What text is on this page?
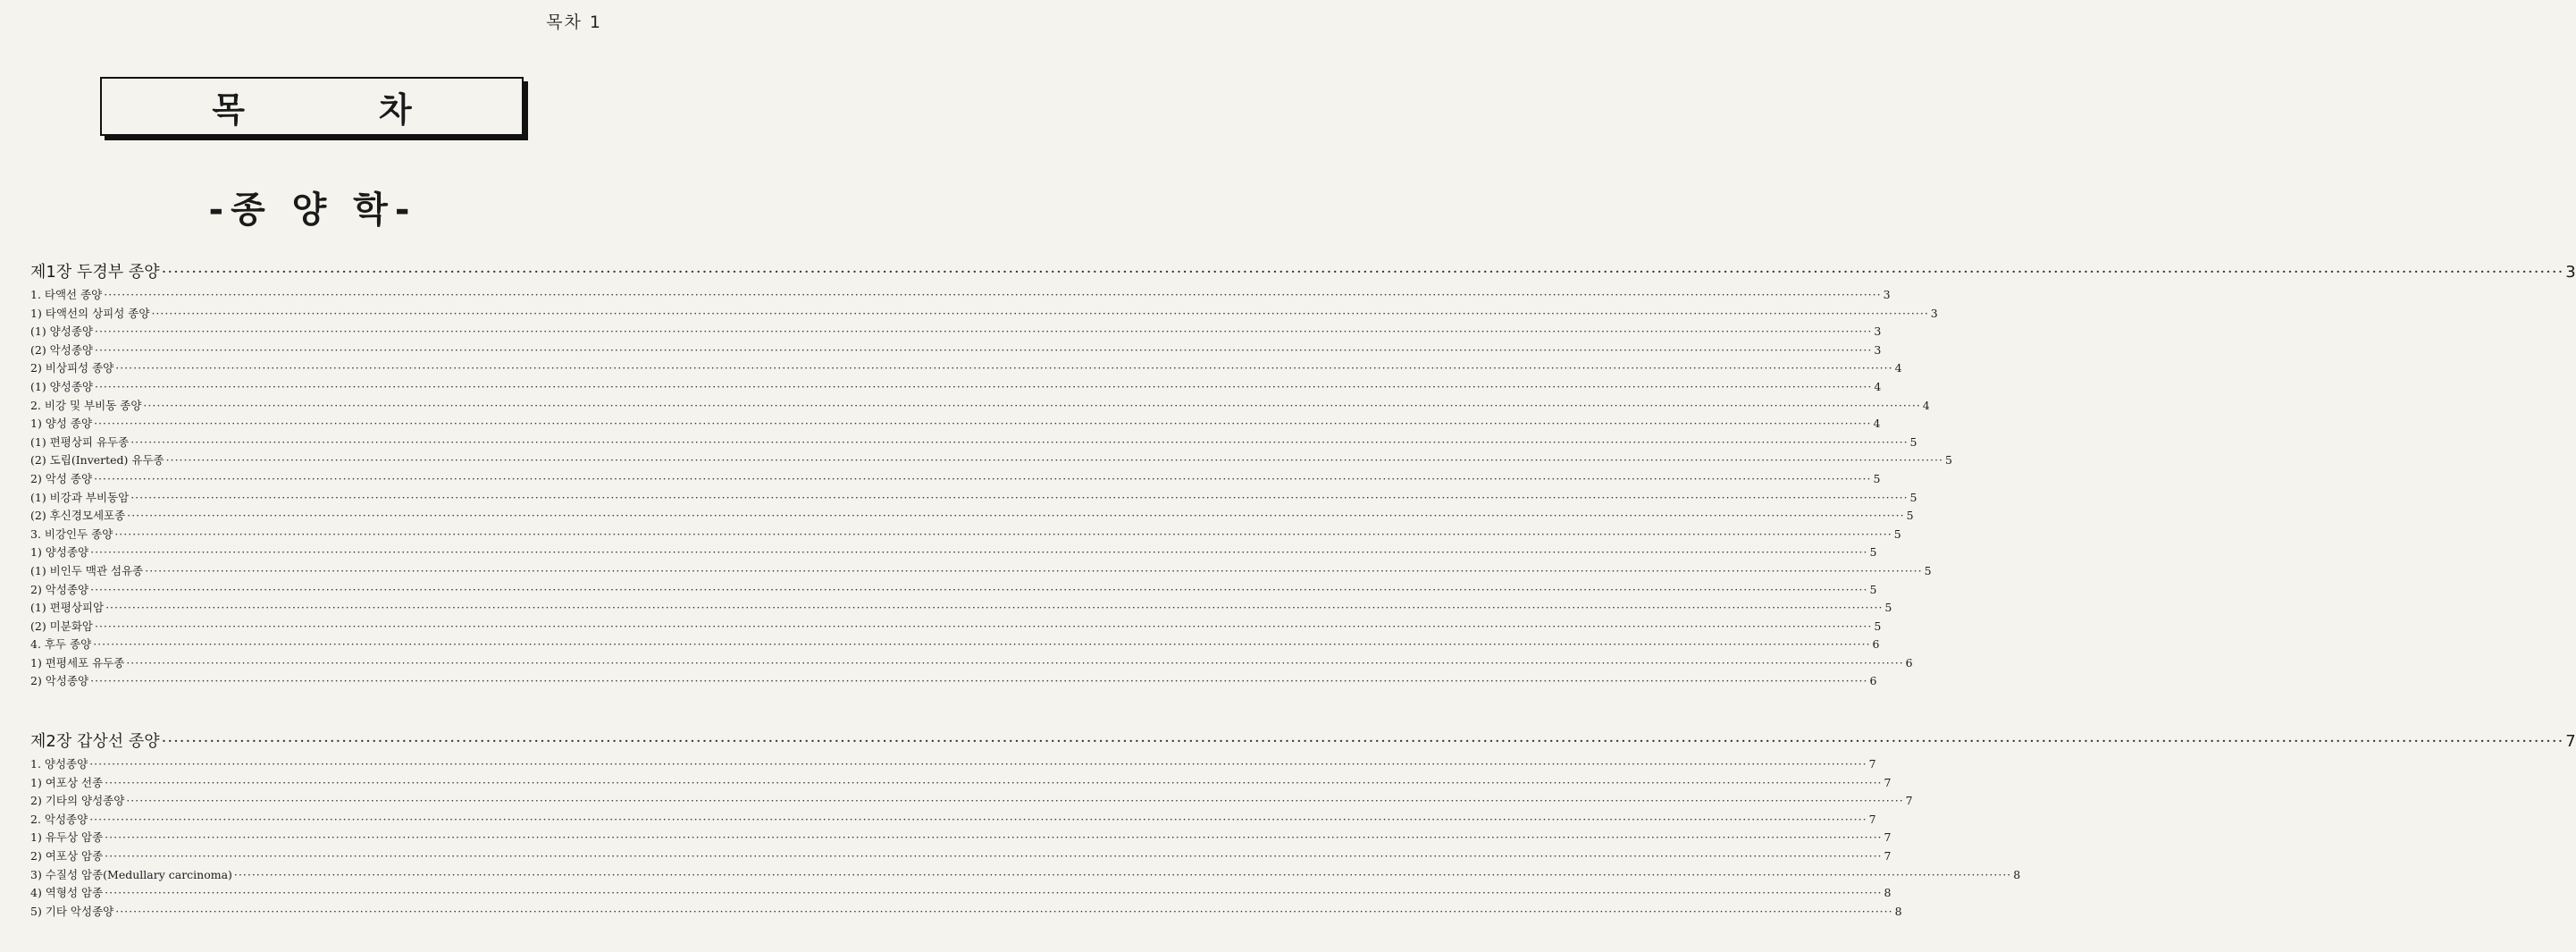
목차 1
목차
-종 양 학-
제1장 두경부 종양 ················································································································································································································································································································································································································ 3
1. 타액선 종양 ················································································································································································································································································································································································································ 3
1) 타액선의 상피성 종양 ················································································································································································································································································································································································································ 3
(1) 양성종양 ················································································································································································································································································································································································································ 3
(2) 악성종양 ················································································································································································································································································································································································································ 3
2) 비상피성 종양 ················································································································································································································································································································································································································ 4
(1) 양성종양 ················································································································································································································································································································································································································ 4
2. 비강 및 부비동 종양 ················································································································································································································································································································································································································ 4
1) 양성 종양 ················································································································································································································································································································································································································ 4
(1) 편평상피 유두종 ················································································································································································································································································································································································································ 5
(2) 도립(Inverted) 유두종 ················································································································································································································································································································································································································ 5
2) 악성 종양 ················································································································································································································································································································································································································ 5
(1) 비강과 부비동암 ················································································································································································································································································································································································································ 5
(2) 후신경모세포종 ················································································································································································································································································································································································································ 5
3. 비강인두 종양 ················································································································································································································································································································································································································ 5
1) 양성종양 ················································································································································································································································································································································································································ 5
(1) 비인두 맥관 섬유종 ················································································································································································································································································································································································································ 5
2) 악성종양 ················································································································································································································································································································································································································ 5
(1) 편평상피암 ················································································································································································································································································································································································································ 5
(2) 미분화암 ················································································································································································································································································································································································································ 5
4. 후두 종양 ················································································································································································································································································································································································································ 6
1) 편평세포 유두종 ················································································································································································································································································································································································································ 6
2) 악성종양 ················································································································································································································································································································································································································ 6
제2장 갑상선 종양 ················································································································································································································································································································································································································ 7
1. 양성종양 ················································································································································································································································································································································································································ 7
1) 여포상 선종 ················································································································································································································································································································································································································ 7
2) 기타의 양성종양 ················································································································································································································································································································································································································ 7
2. 악성종양 ················································································································································································································································································································································································································ 7
1) 유두상 암종 ················································································································································································································································································································································································································ 7
2) 여포상 암종 ················································································································································································································································································································································································································ 7
3) 수질성 암종(Medullary carcinoma) ················································································································································································································································································································································································································ 8
4) 역형성 암종 ················································································································································································································································································································································································································ 8
5) 기타 악성종양 ················································································································································································································································································································································································································ 8
